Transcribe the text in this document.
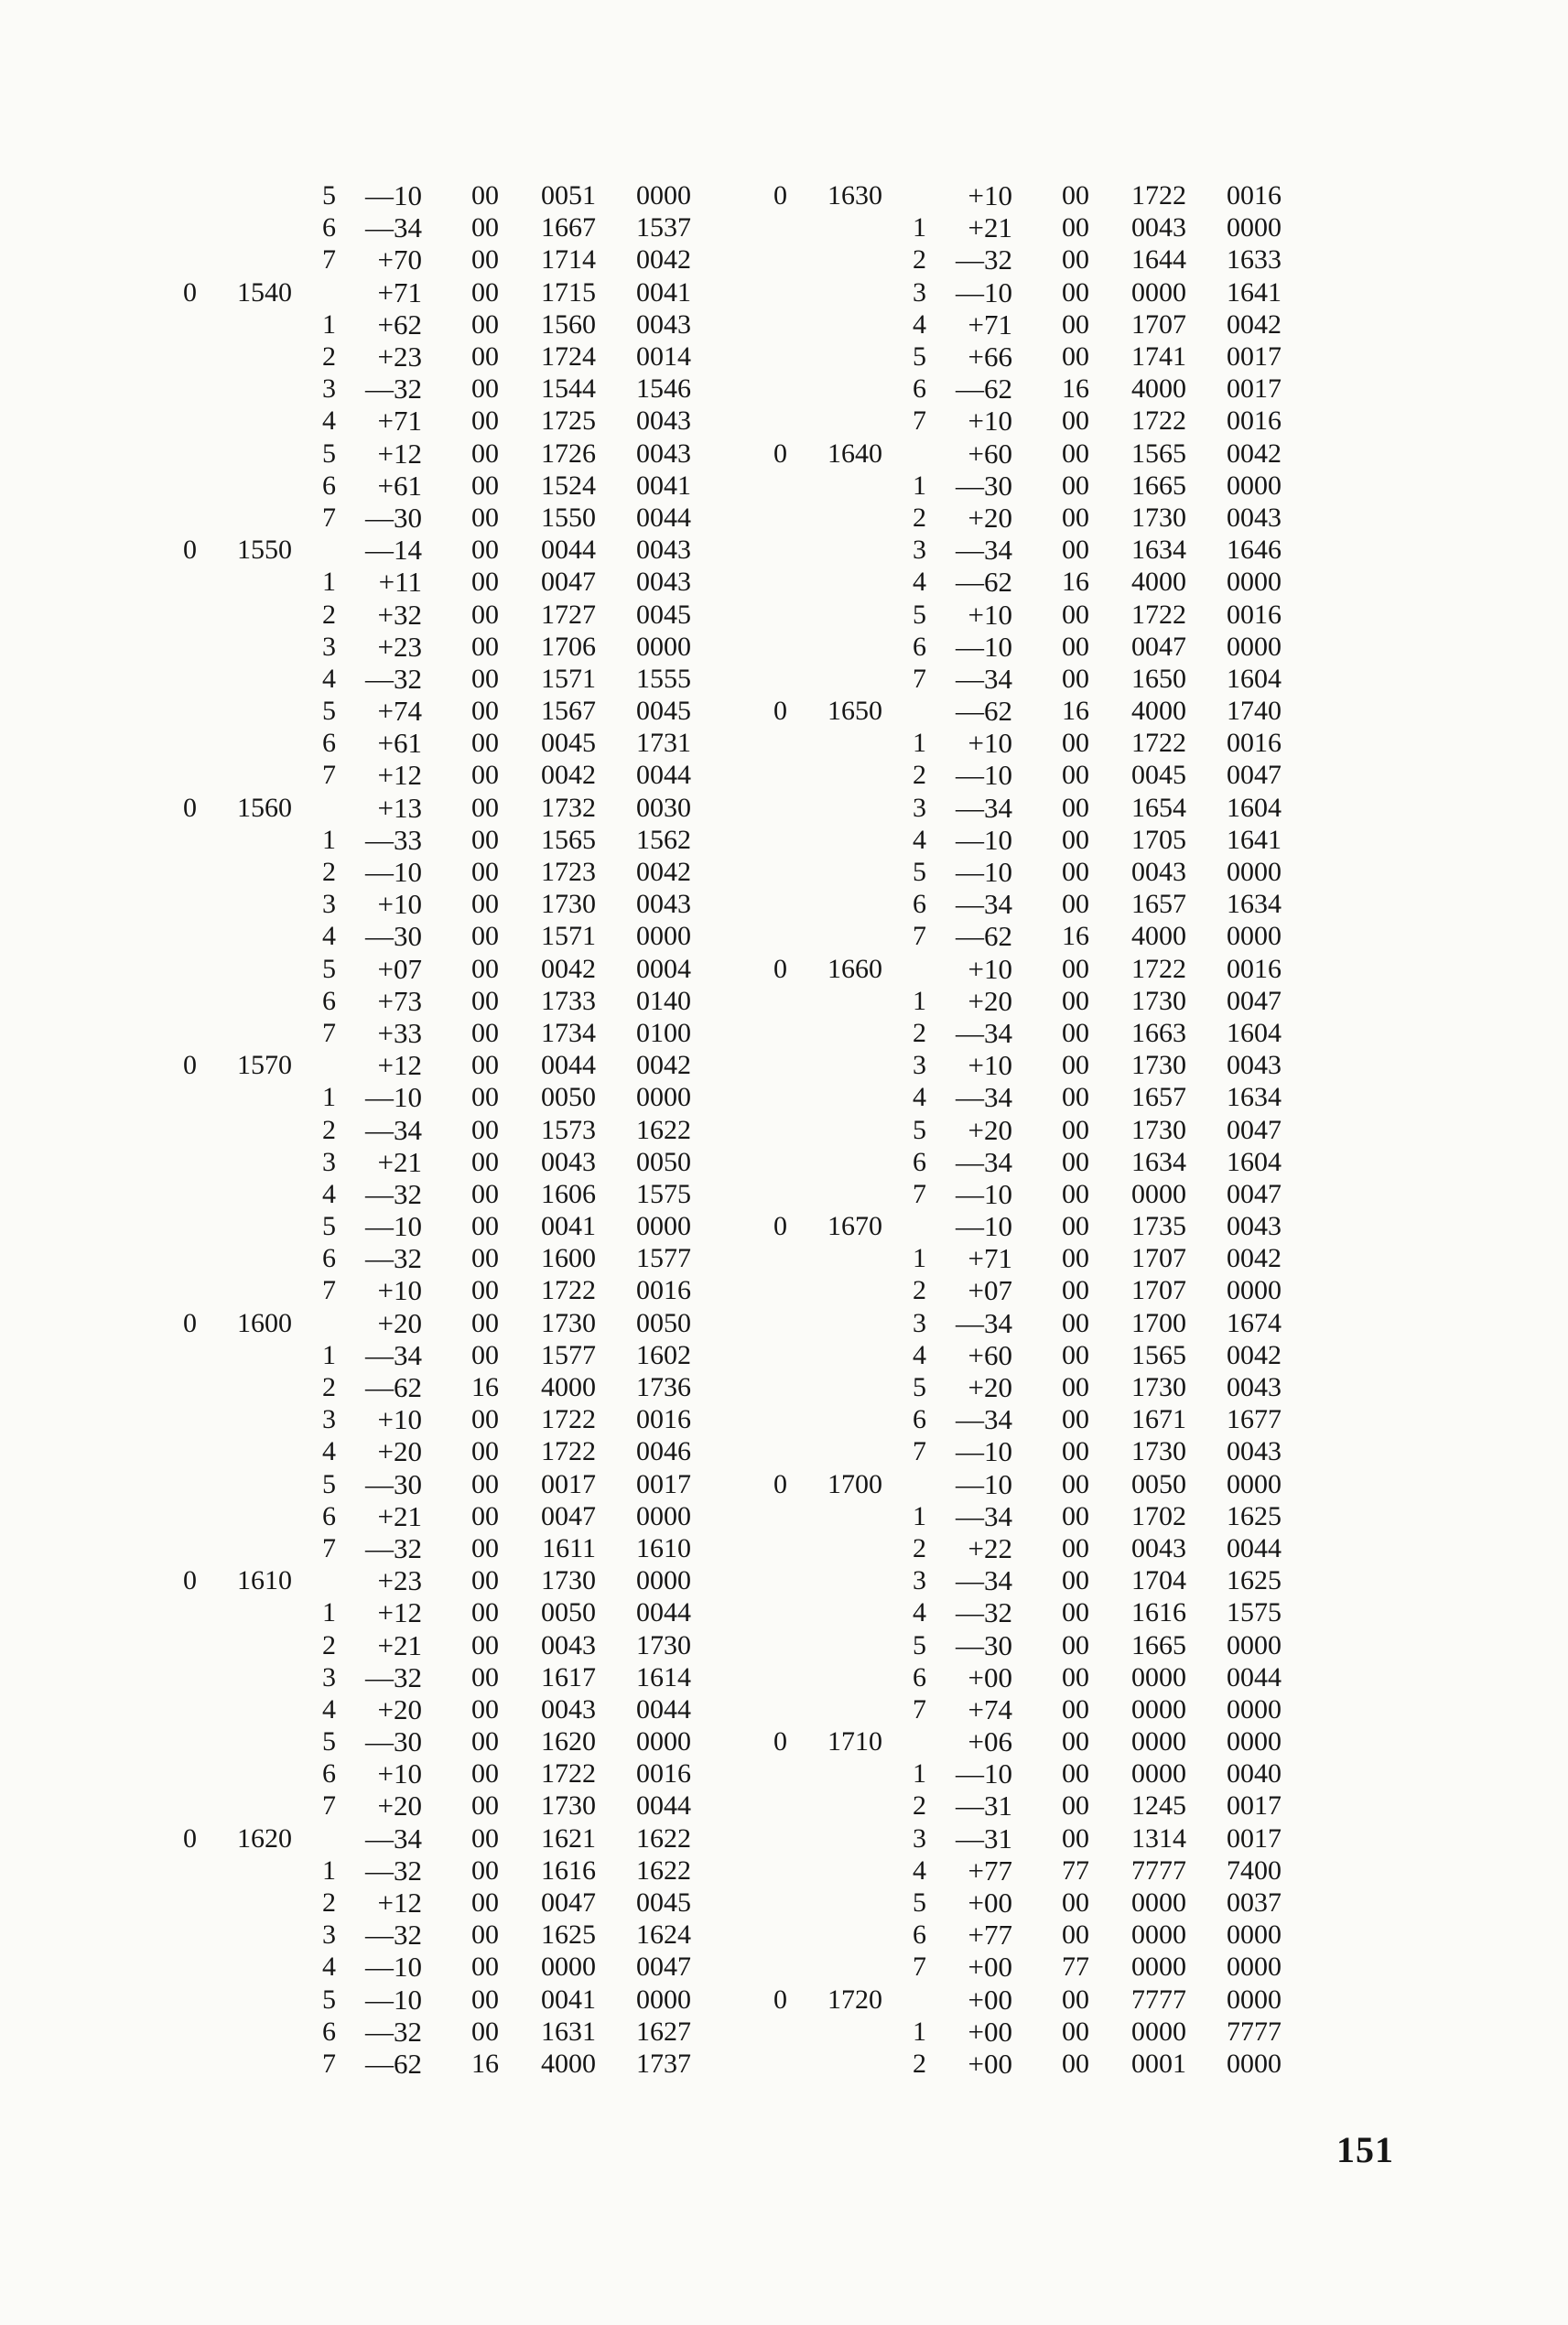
5	—10	00	0051	0000
6	—34	00	1667	1537
7	+70	00	1714	0042
0	1540	+71	00	1715	0041
1	+62	00	1560	0043
2	+23	00	1724	0014
3	—32	00	1544	1546
4	+71	00	1725	0043
5	+12	00	1726	0043
6	+61	00	1524	0041
7	—30	00	1550	0044
0	1550	—14	00	0044	0043
1	+11	00	0047	0043
2	+32	00	1727	0045
3	+23	00	1706	0000
4	—32	00	1571	1555
5	+74	00	1567	0045
6	+61	00	0045	1731
7	+12	00	0042	0044
0	1560	+13	00	1732	0030
1	—33	00	1565	1562
2	—10	00	1723	0042
3	+10	00	1730	0043
4	—30	00	1571	0000
5	+07	00	0042	0004
6	+73	00	1733	0140
7	+33	00	1734	0100
0	1570	+12	00	0044	0042
1	—10	00	0050	0000
2	—34	00	1573	1622
3	+21	00	0043	0050
4	—32	00	1606	1575
5	—10	00	0041	0000
6	—32	00	1600	1577
7	+10	00	1722	0016
0	1600	+20	00	1730	0050
1	—34	00	1577	1602
2	—62	16	4000	1736
3	+10	00	1722	0016
4	+20	00	1722	0046
5	—30	00	0017	0017
6	+21	00	0047	0000
7	—32	00	1611	1610
0	1610	+23	00	1730	0000
1	+12	00	0050	0044
2	+21	00	0043	1730
3	—32	00	1617	1614
4	+20	00	0043	0044
5	—30	00	1620	0000
6	+10	00	1722	0016
7	+20	00	1730	0044
0	1620	—34	00	1621	1622
1	—32	00	1616	1622
2	+12	00	0047	0045
3	—32	00	1625	1624
4	—10	00	0000	0047
5	—10	00	0041	0000
6	—32	00	1631	1627
7	—62	16	4000	1737
0	1630	+10	00	1722	0016
1	+21	00	0043	0000
2	—32	00	1644	1633
3	—10	00	0000	1641
4	+71	00	1707	0042
5	+66	00	1741	0017
6	—62	16	4000	0017
7	+10	00	1722	0016
0	1640	+60	00	1565	0042
1	—30	00	1665	0000
2	+20	00	1730	0043
3	—34	00	1634	1646
4	—62	16	4000	0000
5	+10	00	1722	0016
6	—10	00	0047	0000
7	—34	00	1650	1604
0	1650	—62	16	4000	1740
1	+10	00	1722	0016
2	—10	00	0045	0047
3	—34	00	1654	1604
4	—10	00	1705	1641
5	—10	00	0043	0000
6	—34	00	1657	1634
7	—62	16	4000	0000
0	1660	+10	00	1722	0016
1	+20	00	1730	0047
2	—34	00	1663	1604
3	+10	00	1730	0043
4	—34	00	1657	1634
5	+20	00	1730	0047
6	—34	00	1634	1604
7	—10	00	0000	0047
0	1670	—10	00	1735	0043
1	+71	00	1707	0042
2	+07	00	1707	0000
3	—34	00	1700	1674
4	+60	00	1565	0042
5	+20	00	1730	0043
6	—34	00	1671	1677
7	—10	00	1730	0043
0	1700	—10	00	0050	0000
1	—34	00	1702	1625
2	+22	00	0043	0044
3	—34	00	1704	1625
4	—32	00	1616	1575
5	—30	00	1665	0000
6	+00	00	0000	0044
7	+74	00	0000	0000
0	1710	+06	00	0000	0000
1	—10	00	0000	0040
2	—31	00	1245	0017
3	—31	00	1314	0017
4	+77	77	7777	7400
5	+00	00	0000	0037
6	+77	00	0000	0000
7	+00	77	0000	0000
0	1720	+00	00	7777	0000
1	+00	00	0000	7777
2	+00	00	0001	0000
151
